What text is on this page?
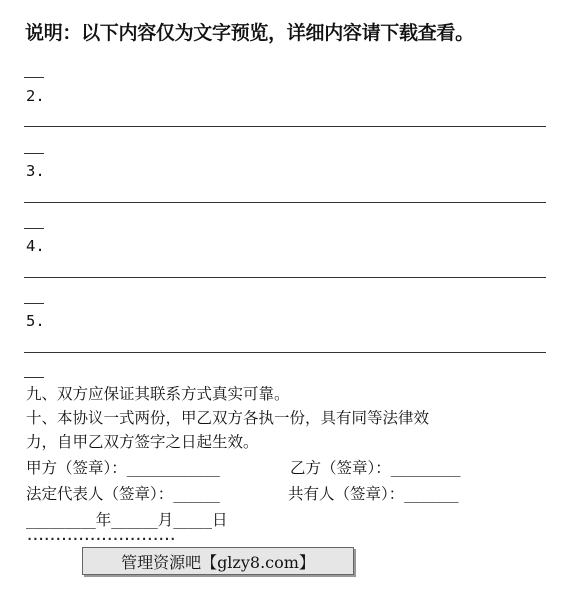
说明：以下内容仅为文字预览，详细内容请下载查看。
2.
3.
4.
5.
九、双方应保证其联系方式真实可靠。
十、本协议一式两份，甲乙双方各执一份，具有同等法律效
力，自甲乙双方签字之日起生效。
甲方（签章）：____________	乙方（签章）：_________
法定代表人（签章）：______	共有人（签章）：_______
_________年______月_____日
··························
管理资源吧【glzy8.com】
